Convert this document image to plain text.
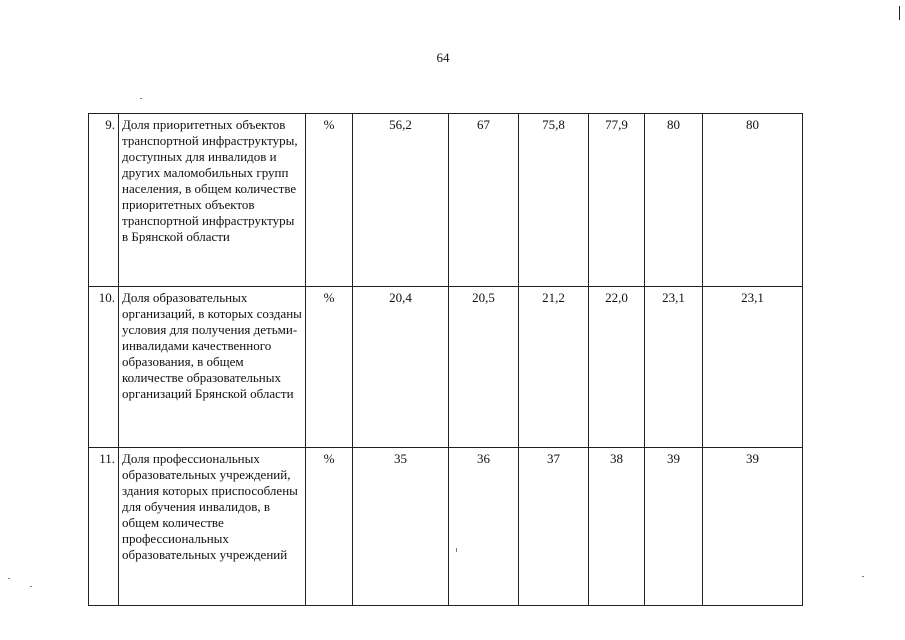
64
9.	Доля приоритетных объектов транспортной инфраструктуры, доступных для инвалидов и других маломобильных групп населения, в общем количестве приоритетных объектов транспортной инфраструктуры в Брянской области	%	56,2	67	75,8	77,9	80	80
10.	Доля образовательных организаций, в которых созданы условия для получения детьми-инвалидами качественного образования, в общем количестве образовательных организаций Брянской области	%	20,4	20,5	21,2	22,0	23,1	23,1
11.	Доля профессиональных образовательных учреждений, здания которых приспособлены для обучения инвалидов, в общем количестве профессиональных образовательных учреждений	%	35	36	37	38	39	39
